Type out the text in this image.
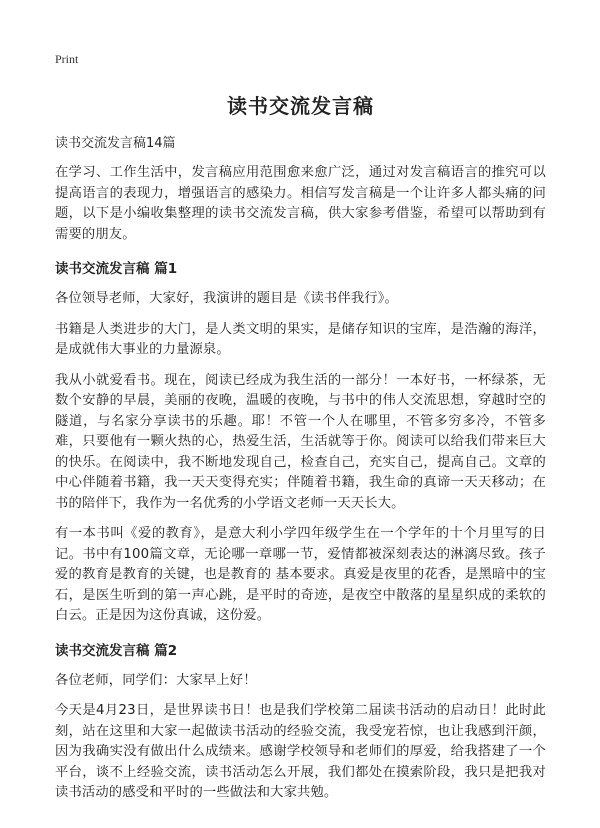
Print
读书交流发言稿
读书交流发言稿14篇

在学习、工作生活中，发言稿应用范围愈来愈广泛，通过对发言稿语言的推究可以提高语言的表现力，增强语言的感染力。相信写发言稿是一个让许多人都头痛的问题，以下是小编收集整理的读书交流发言稿，供大家参考借鉴，希望可以帮助到有需要的朋友。

读书交流发言稿 篇1

各位领导老师，大家好，我演讲的题目是《读书伴我行》。

书籍是人类进步的大门，是人类文明的果实，是储存知识的宝库，是浩瀚的海洋，是成就伟大事业的力量源泉。

我从小就爱看书。现在，阅读已经成为我生活的一部分！一本好书，一杯绿茶，无数个安静的早晨，美丽的夜晚，温暖的夜晚，与书中的伟人交流思想，穿越时空的隧道，与名家分享读书的乐趣。耶！不管一个人在哪里，不管多穷多冷，不管多难，只要他有一颗火热的心，热爱生活，生活就等于你。阅读可以给我们带来巨大的快乐。在阅读中，我不断地发现自己，检查自己，充实自己，提高自己。文章的中心伴随着书籍，我一天天变得充实；伴随着书籍，我生命的真谛一天天移动；在书的陪伴下，我作为一名优秀的小学语文老师一天天长大。

有一本书叫《爱的教育》，是意大利小学四年级学生在一个学年的十个月里写的日记。书中有100篇文章，无论哪一章哪一节，爱情都被深刻表达的淋漓尽致。孩子爱的教育是教育的关键，也是教育的 基本要求。真爱是夜里的花香，是黑暗中的宝石，是医生听到的第一声心跳，是平时的奇迹，是夜空中散落的星星织成的柔软的白云。正是因为这份真诚，这份爱。

读书交流发言稿 篇2

各位老师，同学们：大家早上好！

今天是4月23日，是世界读书日！也是我们学校第二届读书活动的启动日！此时此刻，站在这里和大家一起做读书活动的经验交流，我受宠若惊，也让我感到汗颜，因为我确实没有做出什么成绩来。感谢学校领导和老师们的厚爱，给我搭建了一个平台，谈不上经验交流，读书活动怎么开展，我们都处在摸索阶段，我只是把我对读书活动的感受和平时的一些做法和大家共勉。
